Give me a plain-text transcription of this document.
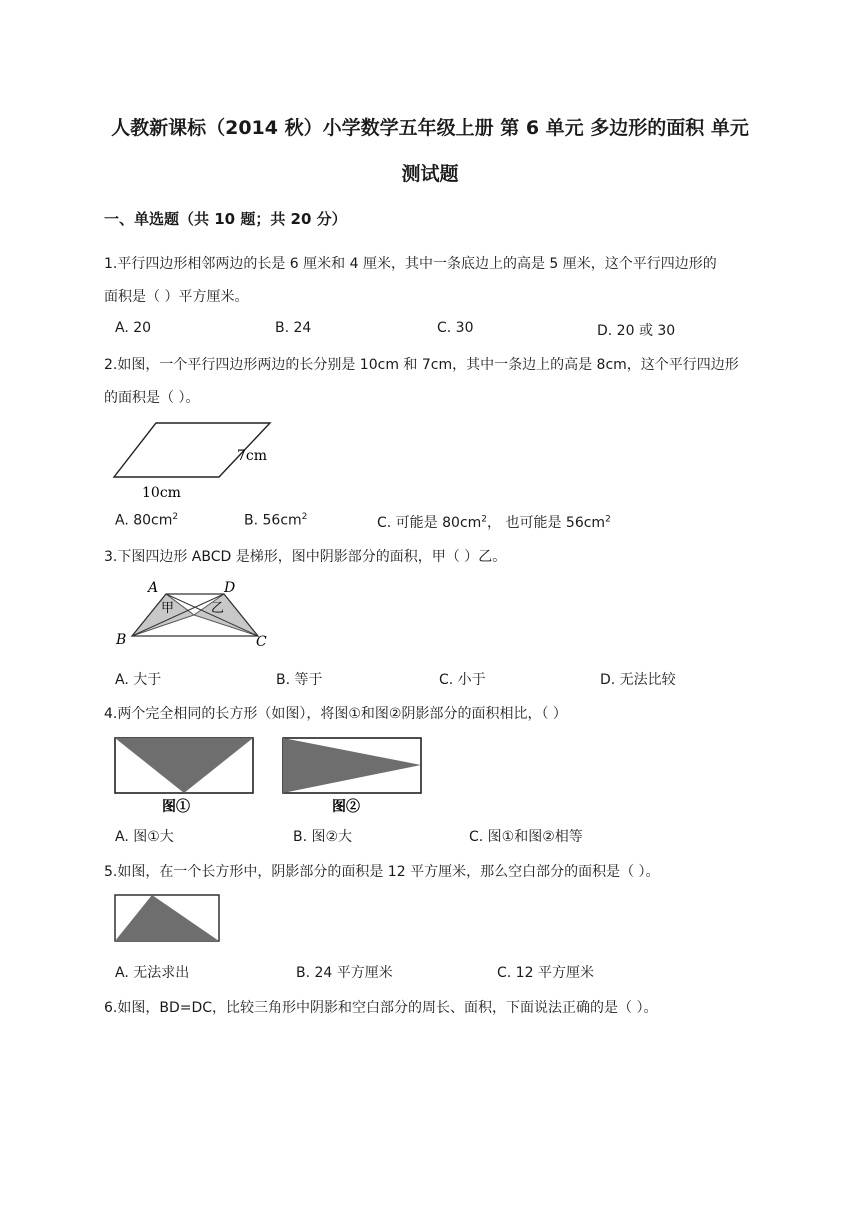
人教新课标（2014 秋）小学数学五年级上册 第 6 单元 多边形的面积 单元
测试题
一、单选题（共 10 题；共 20 分）
1.平行四边形相邻两边的长是 6 厘米和 4 厘米，其中一条底边上的高是 5 厘米，这个平行四边形的
面积是（ ）平方厘米。
A. 20	B. 24	C. 30	D. 20 或 30
2.如图，一个平行四边形两边的长分别是 10cm 和 7cm，其中一条边上的高是 8cm，这个平行四边形
的面积是（ ）。
7cm
10cm
A. $80cm^2$	B. $56cm^2$	C. 可能是 $80cm^2$， 也可能是 $56cm^2$
3.下图四边形 ABCD 是梯形，图中阴影部分的面积，甲（ ）乙。
A	D
B	C
甲	乙
A. 大于	B. 等于	C. 小于	D. 无法比较
4.两个完全相同的长方形（如图），将图①和图②阴影部分的面积相比，（ ）
图①	图②
A. 图①大	B. 图②大	C. 图①和图②相等
5.如图，在一个长方形中，阴影部分的面积是 12 平方厘米，那么空白部分的面积是（ ）。
A. 无法求出	B. 24 平方厘米	C. 12 平方厘米
6.如图，BD=DC，比较三角形中阴影和空白部分的周长、面积，下面说法正确的是（ ）。
